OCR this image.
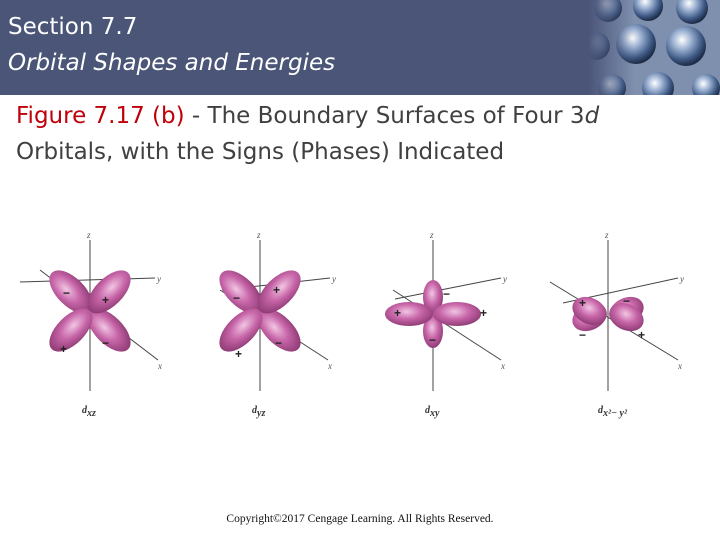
Section 7.7
Orbital Shapes and Energies
Figure 7.17 (b) - The Boundary Surfaces of Four 3d Orbitals, with the Signs (Phases) Indicated
z
y
x
−	+
+	−
dxz
z
y
x
−
+
+
−
dyz
z
y
x
−
+	+
−
dxy
z
y
x
+	−
−	+
dx²− y²
Copyright©2017 Cengage Learning. All Rights Reserved.
